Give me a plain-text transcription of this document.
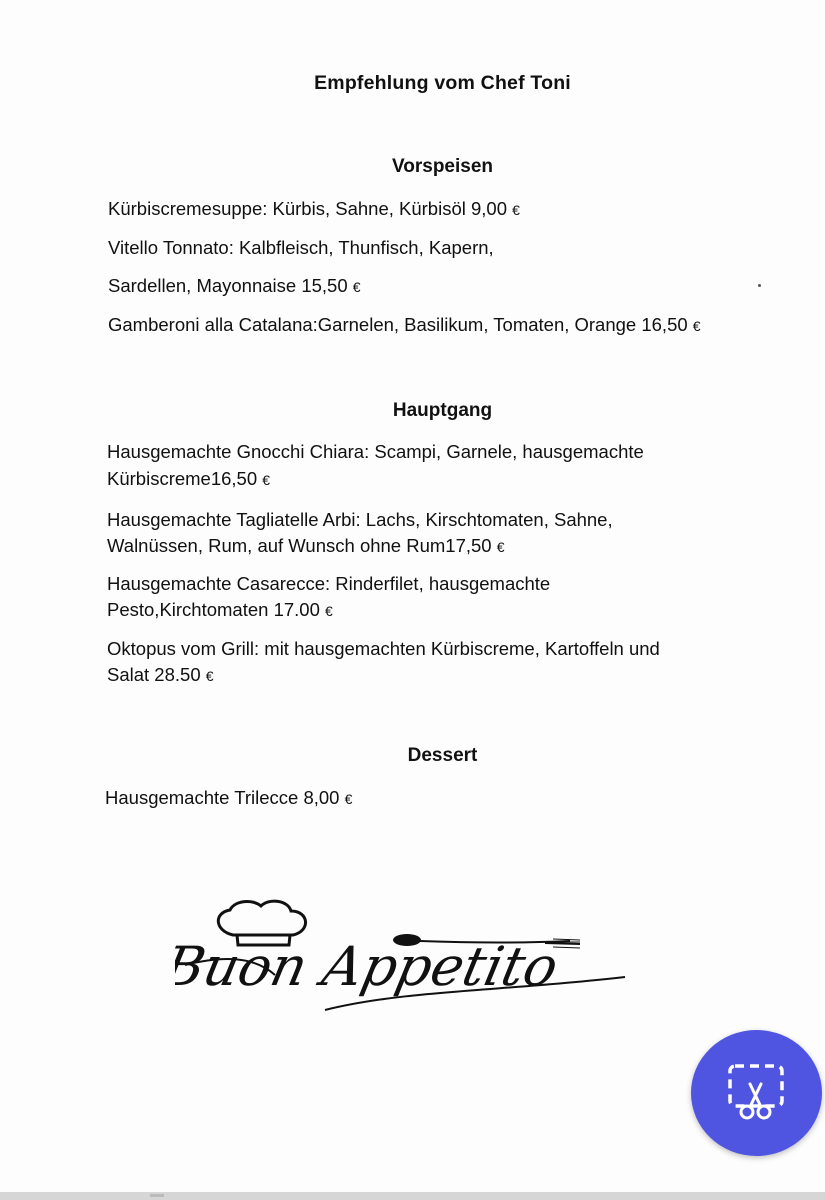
Empfehlung vom Chef Toni
Vorspeisen
Kürbiscremesuppe: Kürbis, Sahne, Kürbisöl 9,00 €
Vitello Tonnato: Kalbfleisch, Thunfisch, Kapern,
Sardellen, Mayonnaise 15,50 €
Gamberoni alla Catalana:Garnelen, Basilikum, Tomaten, Orange 16,50 €
Hauptgang
Hausgemachte Gnocchi Chiara: Scampi, Garnele, hausgemachte
Kürbiscreme16,50 €
Hausgemachte Tagliatelle Arbi: Lachs, Kirschtomaten, Sahne,
Walnüssen, Rum, auf Wunsch ohne Rum17,50 €
Hausgemachte Casarecce: Rinderfilet, hausgemachte
Pesto,Kirchtomaten 17.00 €
Oktopus vom Grill: mit hausgemachten Kürbiscreme, Kartoffeln und
Salat 28.50 €
Dessert
Hausgemachte Trilecce 8,00 €
Buon Appetito
